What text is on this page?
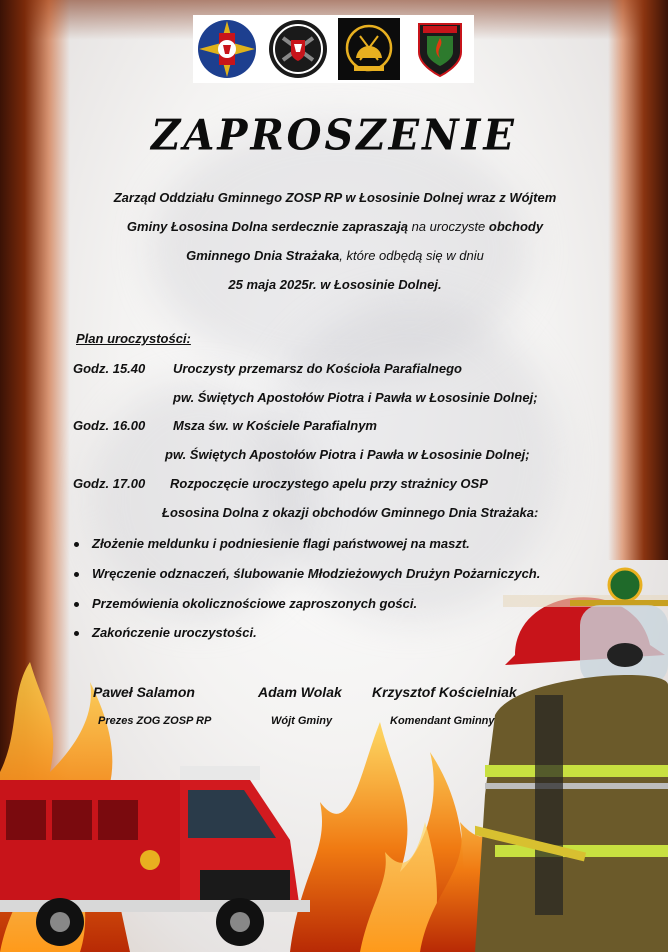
ZAPROSZENIE
Zarząd Oddziału Gminnego ZOSP RP w Łososinie Dolnej wraz z Wójtem
Gminy Łososina Dolna serdecznie zapraszają na uroczyste obchody
Gminnego Dnia Strażaka, które odbędą się w dniu
25 maja 2025r. w Łososinie Dolnej.
Plan uroczystości:
Godz. 15.40 Uroczysty przemarsz do Kościoła Parafialnego
pw. Świętych Apostołów Piotra i Pawła w Łososinie Dolnej;
Godz. 16.00 Msza św. w Kościele Parafialnym
pw. Świętych Apostołów Piotra i Pawła w Łososinie Dolnej;
Godz. 17.00 Rozpoczęcie uroczystego apelu przy strażnicy OSP
Łososina Dolna z okazji obchodów Gminnego Dnia Strażaka:
Złożenie meldunku i podniesienie flagi państwowej na maszt.
Wręczenie odznaczeń, ślubowanie Młodzieżowych Drużyn Pożarniczych.
Przemówienia okolicznościowe zaproszonych gości.
Zakończenie uroczystości.
Paweł Salamon	Adam Wolak Krzysztof Kościelniak
Prezes ZOG ZOSP RP	Wójt Gminy	Komendant Gminny
